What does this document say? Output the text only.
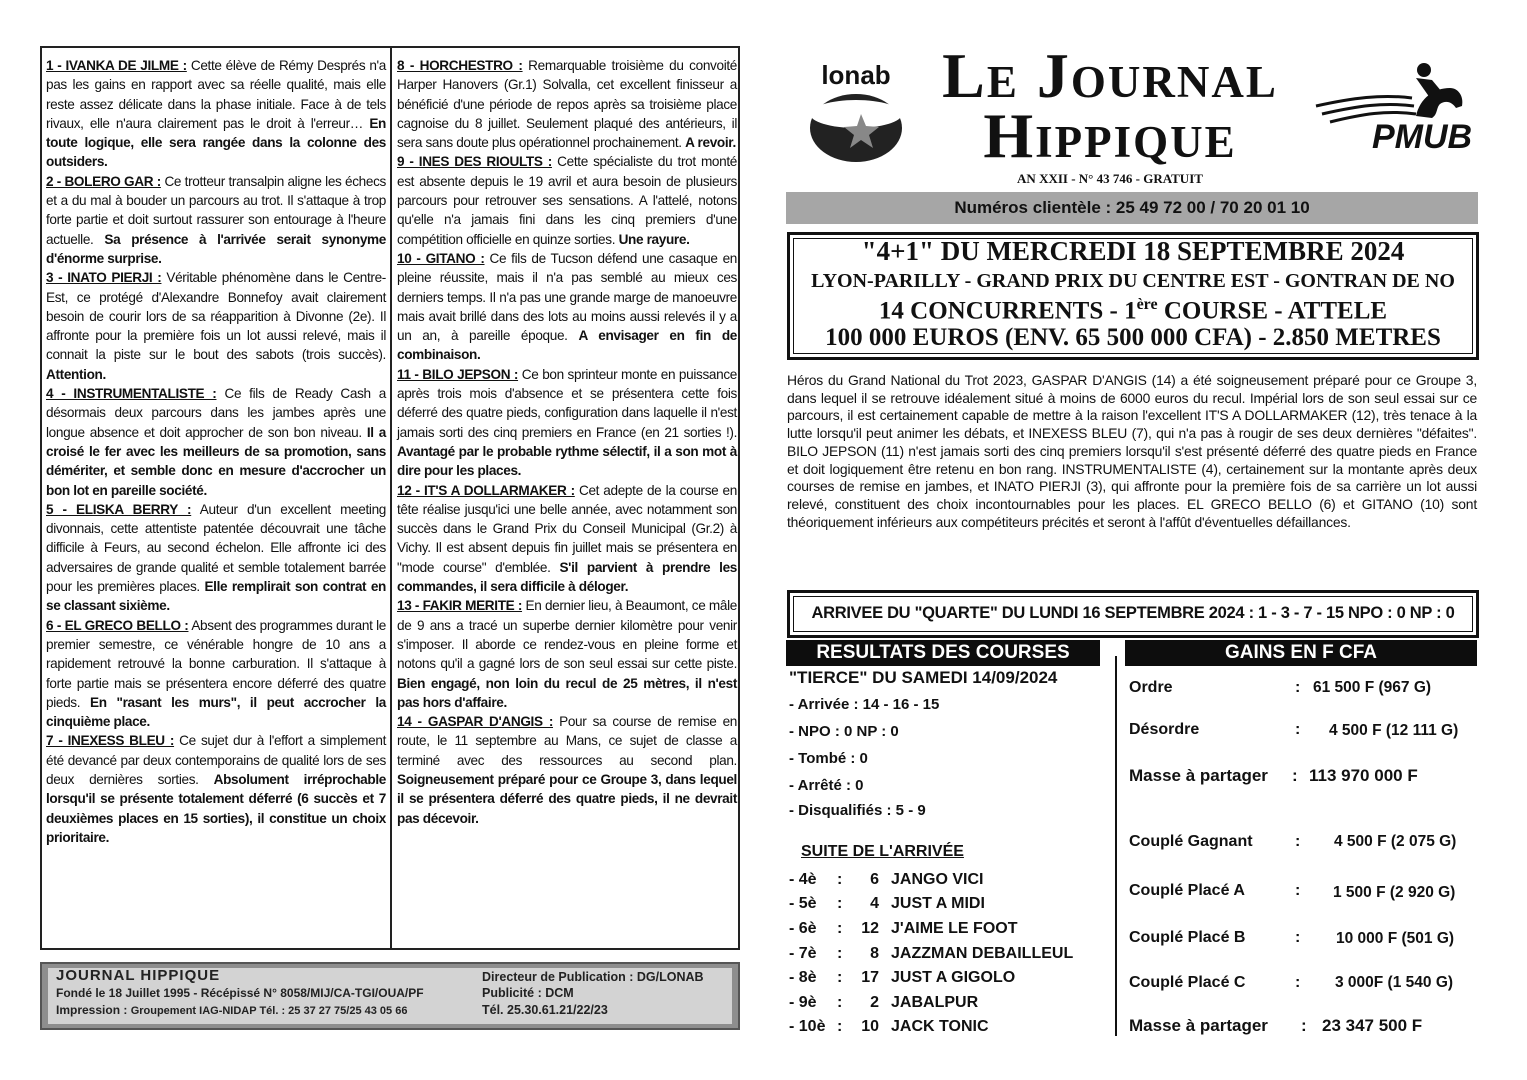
1 - IVANKA DE JILME : Cette élève de Rémy Després n'a pas les gains en rapport avec sa réelle qualité, mais elle reste assez délicate dans la phase initiale. Face à de tels rivaux, elle n'aura clairement pas le droit à l'erreur… En toute logique, elle sera rangée dans la colonne des outsiders.

2 - BOLERO GAR : Ce trotteur transalpin aligne les échecs et a du mal à bouder un parcours au trot. Il s'attaque à trop forte partie et doit surtout rassurer son entourage à l'heure actuelle. Sa présence à l'arrivée serait synonyme d'énorme surprise.

3 - INATO PIERJI : Véritable phénomène dans le Centre-Est, ce protégé d'Alexandre Bonnefoy avait clairement besoin de courir lors de sa réapparition à Divonne (2e). Il affronte pour la première fois un lot aussi relevé, mais il connait la piste sur le bout des sabots (trois succès). Attention.

4 - INSTRUMENTALISTE : Ce fils de Ready Cash a désormais deux parcours dans les jambes après une longue absence et doit approcher de son bon niveau. Il a croisé le fer avec les meilleurs de sa promotion, sans démériter, et semble donc en mesure d'accrocher un bon lot en pareille société.

5 - ELISKA BERRY : Auteur d'un excellent meeting divonnais, cette attentiste patentée découvrait une tâche difficile à Feurs, au second échelon. Elle affronte ici des adversaires de grande qualité et semble totalement barrée pour les premières places. Elle remplirait son contrat en se classant sixième.

6 - EL GRECO BELLO : Absent des programmes durant le premier semestre, ce vénérable hongre de 10 ans a rapidement retrouvé la bonne carburation. Il s'attaque à forte partie mais se présentera encore déferré des quatre pieds. En "rasant les murs", il peut accrocher la cinquième place.

7 - INEXESS BLEU : Ce sujet dur à l'effort a simplement été devancé par deux contemporains de qualité lors de ses deux dernières sorties. Absolument irréprochable lorsqu'il se présente totalement déferré (6 succès et 7 deuxièmes places en 15 sorties), il constitue un choix prioritaire.

8 - HORCHESTRO : Remarquable troisième du convoité Harper Hanovers (Gr.1) Solvalla, cet excellent finisseur a bénéficié d'une période de repos après sa troisième place cagnoise du 8 juillet. Seulement plaqué des antérieurs, il sera sans doute plus opérationnel prochainement. A revoir.

9 - INES DES RIOULTS : Cette spécialiste du trot monté est absente depuis le 19 avril et aura besoin de plusieurs parcours pour retrouver ses sensations. A l'attelé, notons qu'elle n'a jamais fini dans les cinq premiers d'une compétition officielle en quinze sorties. Une rayure.

10 - GITANO : Ce fils de Tucson défend une casaque en pleine réussite, mais il n'a pas semblé au mieux ces derniers temps. Il n'a pas une grande marge de manoeuvre mais avait brillé dans des lots au moins aussi relevés il y a un an, à pareille époque. A envisager en fin de combinaison.

11 - BILO JEPSON : Ce bon sprinteur monte en puissance après trois mois d'absence et se présentera cette fois déferré des quatre pieds, configuration dans laquelle il n'est jamais sorti des cinq premiers en France (en 21 sorties !). Avantagé par le probable rythme sélectif, il a son mot à dire pour les places.

12 - IT'S A DOLLARMAKER : Cet adepte de la course en tête réalise jusqu'ici une belle année, avec notamment son succès dans le Grand Prix du Conseil Municipal (Gr.2) à Vichy. Il est absent depuis fin juillet mais se présentera en "mode course" d'emblée. S'il parvient à prendre les commandes, il sera difficile à déloger.

13 - FAKIR MERITE : En dernier lieu, à Beaumont, ce mâle de 9 ans a tracé un superbe dernier kilomètre pour venir s'imposer. Il aborde ce rendez-vous en pleine forme et notons qu'il a gagné lors de son seul essai sur cette piste. Bien engagé, non loin du recul de 25 mètres, il n'est pas hors d'affaire.

14 - GASPAR D'ANGIS : Pour sa course de remise en route, le 11 septembre au Mans, ce sujet de classe a terminé avec des ressources au second plan. Soigneusement préparé pour ce Groupe 3, dans lequel il se présentera déferré des quatre pieds, il ne devrait pas décevoir.

JOURNAL HIPPIQUE
Fondé le 18 Juillet 1995 - Récépissé N° 8058/MIJ/CA-TGI/OUA/PF
Impression : Groupement IAG-NIDAP Tél. : 25 37 27 75/25 43 05 66
Directeur de Publication : DG/LONAB
Publicité : DCM
Tél. 25.30.61.21/22/23
lonab Le Journal
Hippique
AN XXII - N° 43 746 - GRATUIT
PMUB
Numéros clientèle : 25 49 72 00 / 70 20 01 10
"4+1" DU MERCREDI 18 SEPTEMBRE 2024
LYON-PARILLY - GRAND PRIX DU CENTRE EST - GONTRAN DE NO
14 CONCURRENTS - 1ère COURSE - ATTELE
100 000 EUROS (ENV. 65 500 000 CFA) - 2.850 METRES
Héros du Grand National du Trot 2023, GASPAR D'ANGIS (14) a été soigneusement préparé pour ce Groupe 3, dans lequel il se retrouve idéalement situé à moins de 6000 euros du recul. Impérial lors de son seul essai sur ce parcours, il est certainement capable de mettre à la raison l'excellent IT'S A DOLLARMAKER (12), très tenace à la lutte lorsqu'il peut animer les débats, et INEXESS BLEU (7), qui n'a pas à rougir de ses deux dernières "défaites". BILO JEPSON (11) n'est jamais sorti des cinq premiers lorsqu'il s'est présenté déferré des quatre pieds en France et doit logiquement être retenu en bon rang. INSTRUMENTALISTE (4), certainement sur la montante après deux courses de remise en jambes, et INATO PIERJI (3), qui affronte pour la première fois de sa carrière un lot aussi relevé, constituent des choix incontournables pour les places. EL GRECO BELLO (6) et GITANO (10) sont théoriquement inférieurs aux compétiteurs précités et seront à l'affût d'éventuelles défaillances.
ARRIVEE DU "QUARTE" DU LUNDI 16 SEPTEMBRE 2024 : 1 - 3 - 7 - 15 NPO : 0 NP : 0
RESULTATS DES COURSES	GAINS EN F CFA
"TIERCE" DU SAMEDI 14/09/2024
- Arrivée : 14 - 16 - 15
- NPO : 0 NP : 0
- Tombé : 0
- Arrêté : 0
- Disqualifiés : 5 - 9
SUITE DE L'ARRIVÉE
- 4è : 6 JANGO VICI
- 5è : 4 JUST A MIDI
- 6è : 12 J'AIME LE FOOT
- 7è : 8 JAZZMAN DEBAILLEUL
- 8è : 17 JUST A GIGOLO
- 9è : 2 JABALPUR
- 10è : 10 JACK TONIC
Ordre	: 61 500 F (967 G)
Désordre	: 4 500 F (12 111 G)
Masse à partager : 113 970 000 F
Couplé Gagnant	: 4 500 F (2 075 G)
Couplé Placé A	: 1 500 F (2 920 G)
Couplé Placé B	: 10 000 F (501 G)
Couplé Placé C	: 3 000F (1 540 G)
Masse à partager : 23 347 500 F
